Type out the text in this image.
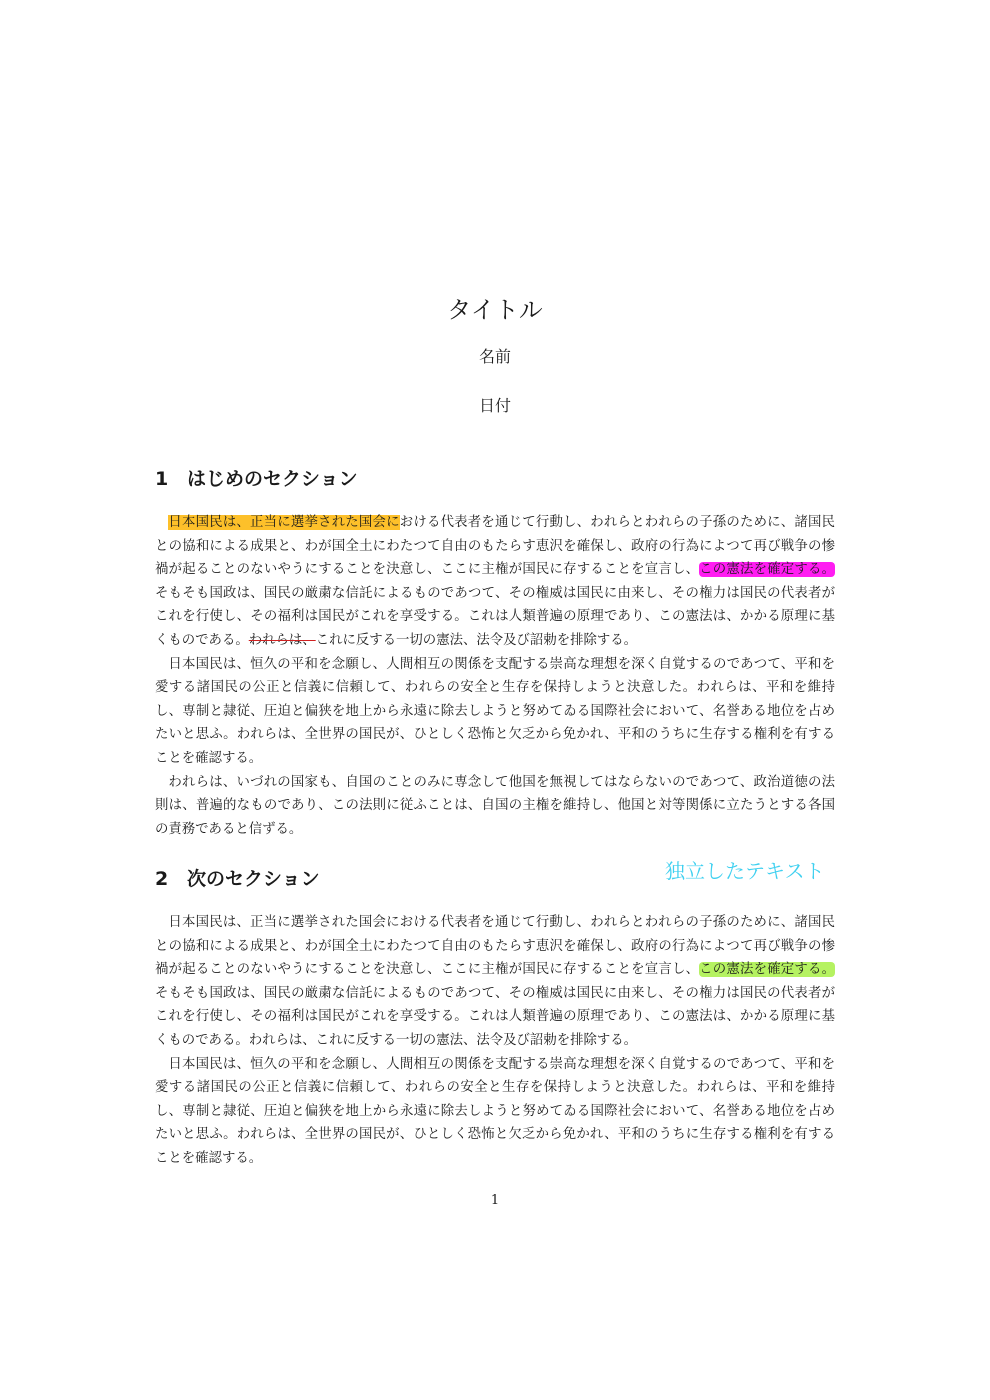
タイトル
名前
日付
1 はじめのセクション

日本国民は、正当に選挙された国会における代表者を通じて行動し、われらとわれらの子孫のために、諸国民との協和による成果と、わが国全土にわたつて自由のもたらす恵沢を確保し、政府の行為によつて再び戦争の惨禍が起ることのないやうにすることを決意し、ここに主権が国民に存することを宣言し、この憲法を確定する。そもそも国政は、国民の厳粛な信託によるものであつて、その権威は国民に由来し、その権力は国民の代表者がこれを行使し、その福利は国民がこれを享受する。これは人類普遍の原理であり、この憲法は、かかる原理に基くものである。われらは、これに反する一切の憲法、法令及び詔勅を排除する。

日本国民は、恒久の平和を念願し、人間相互の関係を支配する崇高な理想を深く自覚するのであつて、平和を愛する諸国民の公正と信義に信頼して、われらの安全と生存を保持しようと決意した。われらは、平和を維持し、専制と隷従、圧迫と偏狭を地上から永遠に除去しようと努めてゐる国際社会において、名誉ある地位を占めたいと思ふ。われらは、全世界の国民が、ひとしく恐怖と欠乏から免かれ、平和のうちに生存する権利を有することを確認する。

われらは、いづれの国家も、自国のことのみに専念して他国を無視してはならないのであつて、政治道徳の法則は、普遍的なものであり、この法則に従ふことは、自国の主権を維持し、他国と対等関係に立たうとする各国の責務であると信ずる。

2 次のセクション	独立したテキスト

日本国民は、正当に選挙された国会における代表者を通じて行動し、われらとわれらの子孫のために、諸国民との協和による成果と、わが国全土にわたつて自由のもたらす恵沢を確保し、政府の行為によつて再び戦争の惨禍が起ることのないやうにすることを決意し、ここに主権が国民に存することを宣言し、この憲法を確定する。そもそも国政は、国民の厳粛な信託によるものであつて、その権威は国民に由来し、その権力は国民の代表者がこれを行使し、その福利は国民がこれを享受する。これは人類普遍の原理であり、この憲法は、かかる原理に基くものである。われらは、これに反する一切の憲法、法令及び詔勅を排除する。

日本国民は、恒久の平和を念願し、人間相互の関係を支配する崇高な理想を深く自覚するのであつて、平和を愛する諸国民の公正と信義に信頼して、われらの安全と生存を保持しようと決意した。われらは、平和を維持し、専制と隷従、圧迫と偏狭を地上から永遠に除去しようと努めてゐる国際社会において、名誉ある地位を占めたいと思ふ。われらは、全世界の国民が、ひとしく恐怖と欠乏から免かれ、平和のうちに生存する権利を有することを確認する。

1
